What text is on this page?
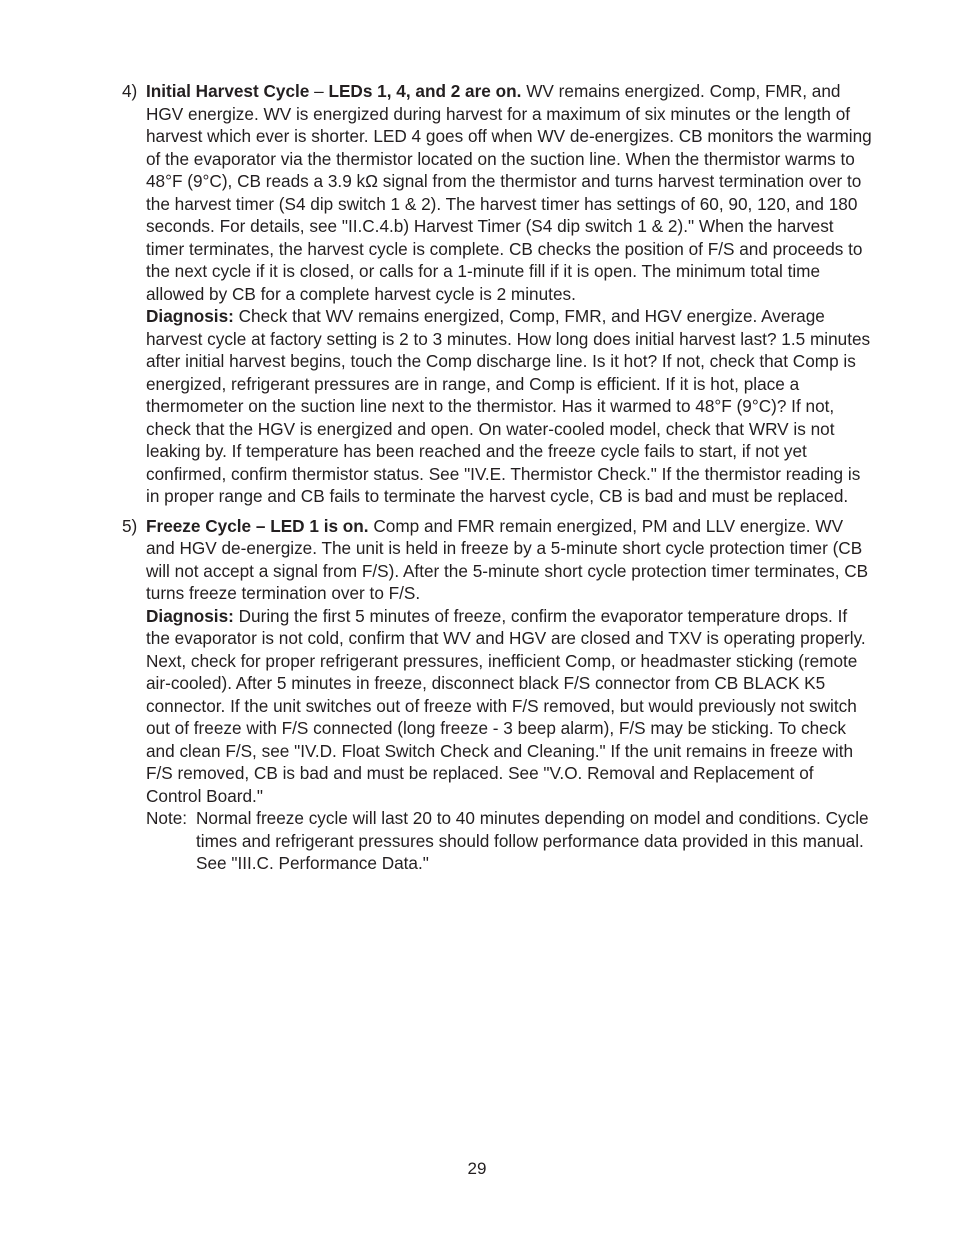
4) Initial Harvest Cycle – LEDs 1, 4, and 2 are on. WV remains energized. Comp, FMR, and HGV energize. WV is energized during harvest for a maximum of six minutes or the length of harvest which ever is shorter. LED 4 goes off when WV de-energizes. CB monitors the warming of the evaporator via the thermistor located on the suction line. When the thermistor warms to 48°F (9°C), CB reads a 3.9 kΩ signal from the thermistor and turns harvest termination over to the harvest timer (S4 dip switch 1 & 2). The harvest timer has settings of 60, 90, 120, and 180 seconds. For details, see "II.C.4.b) Harvest Timer (S4 dip switch 1 & 2)." When the harvest timer terminates, the harvest cycle is complete. CB checks the position of F/S and proceeds to the next cycle if it is closed, or calls for a 1-minute fill if it is open. The minimum total time allowed by CB for a complete harvest cycle is 2 minutes.

Diagnosis: Check that WV remains energized, Comp, FMR, and HGV energize. Average harvest cycle at factory setting is 2 to 3 minutes. How long does initial harvest last? 1.5 minutes after initial harvest begins, touch the Comp discharge line. Is it hot? If not, check that Comp is energized, refrigerant pressures are in range, and Comp is efficient. If it is hot, place a thermometer on the suction line next to the thermistor. Has it warmed to 48°F (9°C)? If not, check that the HGV is energized and open. On water-cooled model, check that WRV is not leaking by. If temperature has been reached and the freeze cycle fails to start, if not yet confirmed, confirm thermistor status. See "IV.E. Thermistor Check." If the thermistor reading is in proper range and CB fails to terminate the harvest cycle, CB is bad and must be replaced.

5) Freeze Cycle – LED 1 is on. Comp and FMR remain energized, PM and LLV energize. WV and HGV de-energize. The unit is held in freeze by a 5-minute short cycle protection timer (CB will not accept a signal from F/S). After the 5-minute short cycle protection timer terminates, CB turns freeze termination over to F/S.

Diagnosis: During the first 5 minutes of freeze, confirm the evaporator temperature drops. If the evaporator is not cold, confirm that WV and HGV are closed and TXV is operating properly. Next, check for proper refrigerant pressures, inefficient Comp, or headmaster sticking (remote air-cooled). After 5 minutes in freeze, disconnect black F/S connector from CB BLACK K5 connector. If the unit switches out of freeze with F/S removed, but would previously not switch out of freeze with F/S connected (long freeze - 3 beep alarm), F/S may be sticking. To check and clean F/S, see "IV.D. Float Switch Check and Cleaning." If the unit remains in freeze with F/S removed, CB is bad and must be replaced. See "V.O. Removal and Replacement of Control Board."

Note: Normal freeze cycle will last 20 to 40 minutes depending on model and conditions. Cycle times and refrigerant pressures should follow performance data provided in this manual. See "III.C. Performance Data."
29
